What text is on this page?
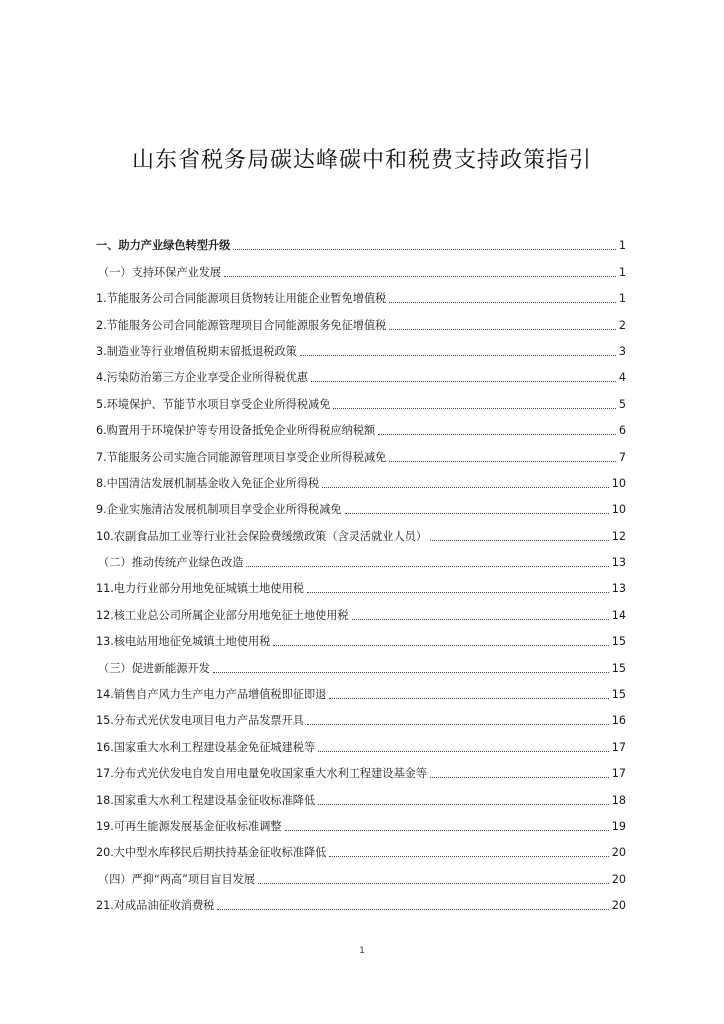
山东省税务局碳达峰碳中和税费支持政策指引
一、助力产业绿色转型升级	1
（一）支持环保产业发展	1
1.节能服务公司合同能源项目货物转让用能企业暂免增值税	1
2.节能服务公司合同能源管理项目合同能源服务免征增值税	2
3.制造业等行业增值税期末留抵退税政策	3
4.污染防治第三方企业享受企业所得税优惠	4
5.环境保护、节能节水项目享受企业所得税减免	5
6.购置用于环境保护等专用设备抵免企业所得税应纳税额	6
7.节能服务公司实施合同能源管理项目享受企业所得税减免	7
8.中国清洁发展机制基金收入免征企业所得税	10
9.企业实施清洁发展机制项目享受企业所得税减免	10
10.农副食品加工业等行业社会保险费缓缴政策（含灵活就业人员）	12
（二）推动传统产业绿色改造	13
11.电力行业部分用地免征城镇土地使用税	13
12.核工业总公司所属企业部分用地免征土地使用税	14
13.核电站用地征免城镇土地使用税	15
（三）促进新能源开发	15
14.销售自产风力生产电力产品增值税即征即退	15
15.分布式光伏发电项目电力产品发票开具	16
16.国家重大水利工程建设基金免征城建税等	17
17.分布式光伏发电自发自用电量免收国家重大水利工程建设基金等	17
18.国家重大水利工程建设基金征收标准降低	18
19.可再生能源发展基金征收标准调整	19
20.大中型水库移民后期扶持基金征收标准降低	20
（四）严抑“两高”项目盲目发展	20
21.对成品油征收消费税	20
1
